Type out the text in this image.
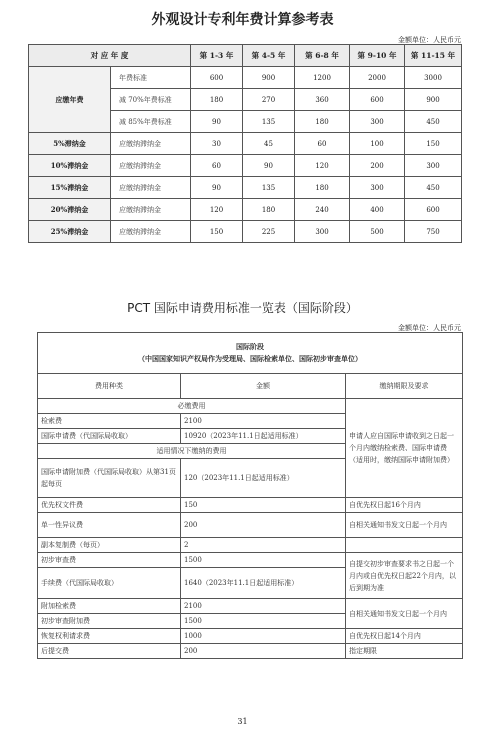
外观设计专利年费计算参考表
金额单位：人民币元
对 应 年 度		第 1-3 年	第 4-5 年	第 6-8 年	第 9-10 年	第 11-15 年
应缴年费	年费标准	600	900	1200	2000	3000
	减 70%年费标准	180	270	360	600	900
	减 85%年费标准	90	135	180	300	450
5%滞纳金	应缴纳滞纳金	30	45	60	100	150
10%滞纳金	应缴纳滞纳金	60	90	120	200	300
15%滞纳金	应缴纳滞纳金	90	135	180	300	450
20%滞纳金	应缴纳滞纳金	120	180	240	400	600
25%滞纳金	应缴纳滞纳金	150	225	300	500	750
PCT 国际申请费用标准一览表（国际阶段）
金额单位：人民币元
国际阶段
（中国国家知识产权局作为受理局、国际检索单位、国际初步审查单位）		

费用种类	金额	缴纳期限及要求
必缴费用		申请人应自国际申请收到之日起一个月内缴纳检索费、国际申请费（适用时，缴纳国际申请附加费）
检索费	2100	
国际申请费（代国际局收取）	10920（2023年11.1日起适用标准）	
适用情况下缴纳的费用		
国际申请附加费（代国际局收取）从第31页起每页	120（2023年11.1日起适用标准）	
优先权文件费	150	自优先权日起16个月内
单一性异议费	200	自相关通知书发文日起一个月内
副本复制费（每页）	2	
初步审查费	1500	自提交初步审查要求书之日起一个月内或自优先权日起22个月内，以后到期为准
手续费（代国际局收取）	1640（2023年11.1日起适用标准）	
附加检索费	2100	自相关通知书发文日起一个月内
初步审查附加费	1500	
恢复权利请求费	1000	自优先权日起14个月内
后提交费	200	指定期限
31
